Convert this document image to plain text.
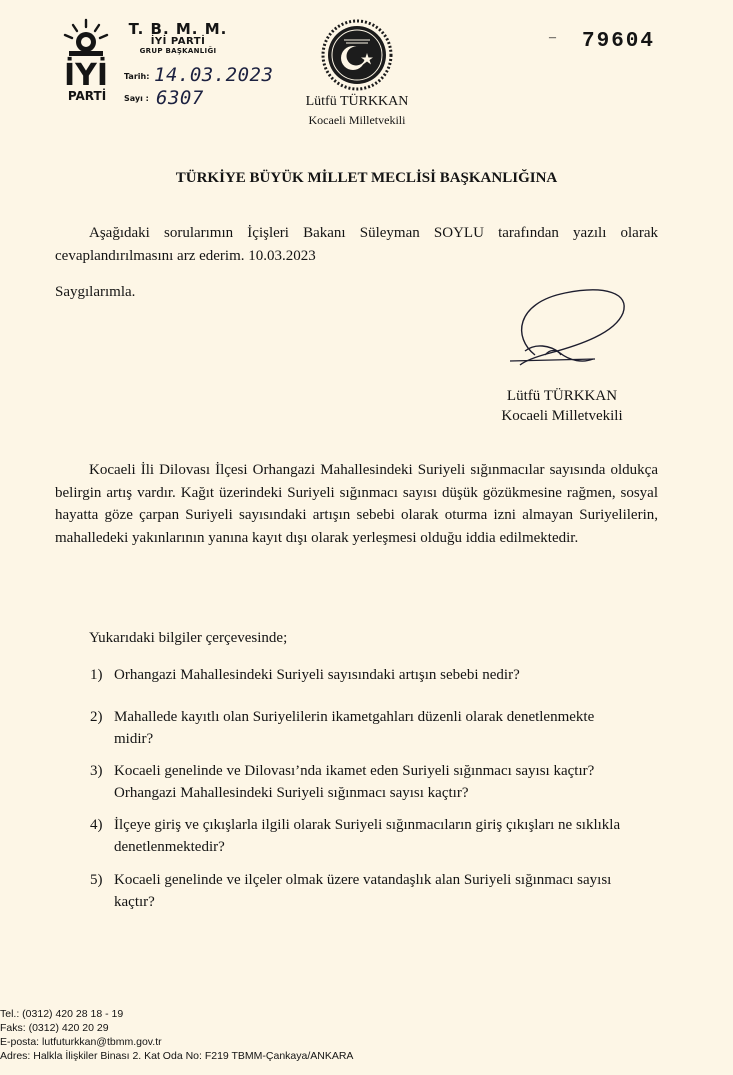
İYİ
PARTİ
T. B. M. M.
İYİ PARTİ
GRUP BAŞKANLIĞI
Tarih: 14.03.2023
Sayı : 6307	Lütfü TÜRKKAN
Kocaeli Milletvekili
– 79604
TÜRKİYE BÜYÜK MİLLET MECLİSİ BAŞKANLIĞINA
Aşağıdaki sorularımın İçişleri Bakanı Süleyman SOYLU tarafından yazılı olarak cevaplandırılmasını arz ederim. 10.03.2023
Saygılarımla.
Lütfü TÜRKKAN
Kocaeli Milletvekili
Kocaeli İli Dilovası İlçesi Orhangazi Mahallesindeki Suriyeli sığınmacılar sayısında oldukça belirgin artış vardır. Kağıt üzerindeki Suriyeli sığınmacı sayısı düşük gözükmesine rağmen, sosyal hayatta göze çarpan Suriyeli sayısındaki artışın sebebi olarak oturma izni almayan Suriyelilerin, mahalledeki yakınlarının yanına kayıt dışı olarak yerleşmesi olduğu iddia edilmektedir.
Yukarıdaki bilgiler çerçevesinde;
1) Orhangazi Mahallesindeki Suriyeli sayısındaki artışın sebebi nedir?
2) Mahallede kayıtlı olan Suriyelilerin ikametgahları düzenli olarak denetlenmekte midir?
3) Kocaeli genelinde ve Dilovası’nda ikamet eden Suriyeli sığınmacı sayısı kaçtır? Orhangazi Mahallesindeki Suriyeli sığınmacı sayısı kaçtır?
4) İlçeye giriş ve çıkışlarla ilgili olarak Suriyeli sığınmacıların giriş çıkışları ne sıklıkla denetlenmektedir?
5) Kocaeli genelinde ve ilçeler olmak üzere vatandaşlık alan Suriyeli sığınmacı sayısı kaçtır?
Tel.: (0312) 420 28 18 - 19
Faks: (0312) 420 20 29
E-posta: lutfuturkkan@tbmm.gov.tr
Adres: Halkla İlişkiler Binası 2. Kat Oda No: F219 TBMM-Çankaya/ANKARA
